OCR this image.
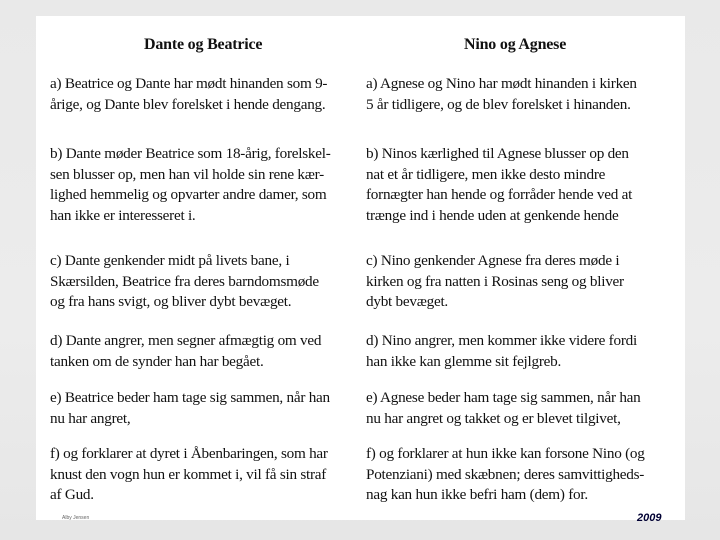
Dante og Beatrice
a) Beatrice og Dante har mødt hinanden som 9-
årige, og Dante blev forelsket i hende dengang.
b) Dante møder Beatrice som 18-årig, forelskel-
sen blusser op, men han vil holde sin rene kær-
lighed hemmelig og opvarter andre damer, som
han ikke er interesseret i.
c) Dante genkender midt på livets bane, i
Skærsilden, Beatrice fra deres barndomsmøde
og fra hans svigt, og bliver dybt bevæget.
d) Dante angrer, men segner afmægtig om ved
tanken om de synder han har begået.
e) Beatrice beder ham tage sig sammen, når han
nu har angret,
f) og forklarer at dyret i Åbenbaringen, som har
knust den vogn hun er kommet i, vil få sin straf
af Gud.
Nino og Agnese
a) Agnese og Nino har mødt hinanden i kirken
5 år tidligere, og de blev forelsket i hinanden.
b) Ninos kærlighed til Agnese blusser op den
nat et år tidligere, men ikke desto mindre
fornægter han hende og forråder hende ved at
trænge ind i hende uden at genkende hende
c) Nino genkender Agnese fra deres møde i
kirken og fra natten i Rosinas seng og bliver
dybt bevæget.
d) Nino angrer, men kommer ikke videre fordi
han ikke kan glemme sit fejlgreb.
e) Agnese beder ham tage sig sammen, når han
nu har angret og takket og er blevet tilgivet,
f) og forklarer at hun ikke kan forsone Nino (og
Potenziani) med skæbnen; deres samvittigheds-
nag kan hun ikke befri ham (dem) for.
Alby Jensen	2009
